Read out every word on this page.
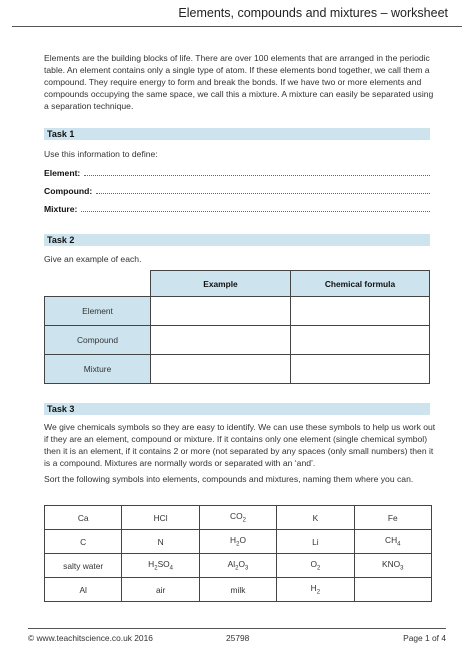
Elements, compounds and mixtures – worksheet
Elements are the building blocks of life. There are over 100 elements that are arranged in the periodic table. An element contains only a single type of atom. If these elements bond together, we call them a compound. They require energy to form and break the bonds. If we have two or more elements and compounds occupying the same space, we call this a mixture. A mixture can easily be separated using a separation technique.
Task 1
Use this information to define:
Element:
Compound:
Mixture:
Task 2
Give an example of each.
	Example	Chemical formula
Element		
Compound		
Mixture		
Task 3
We give chemicals symbols so they are easy to identify. We can use these symbols to help us work out if they are an element, compound or mixture. If it contains only one element (single chemical symbol) then it is an element, if it contains 2 or more (not separated by any spaces (only small numbers) then it is a compound. Mixtures are normally words or separated with an ‘and’.
Sort the following symbols into elements, compounds and mixtures, naming them where you can.
Ca	HCl	$CO_2$	K	Fe
C	N	$H_2O$	Li	$CH_4$
salty water	$H_2SO_4$	$Al_2O_3$	$O_2$	$KNO_3$
Al	air	milk	$H_2$	
© www.teachitscience.co.uk 2016	25798	Page 1 of 4
